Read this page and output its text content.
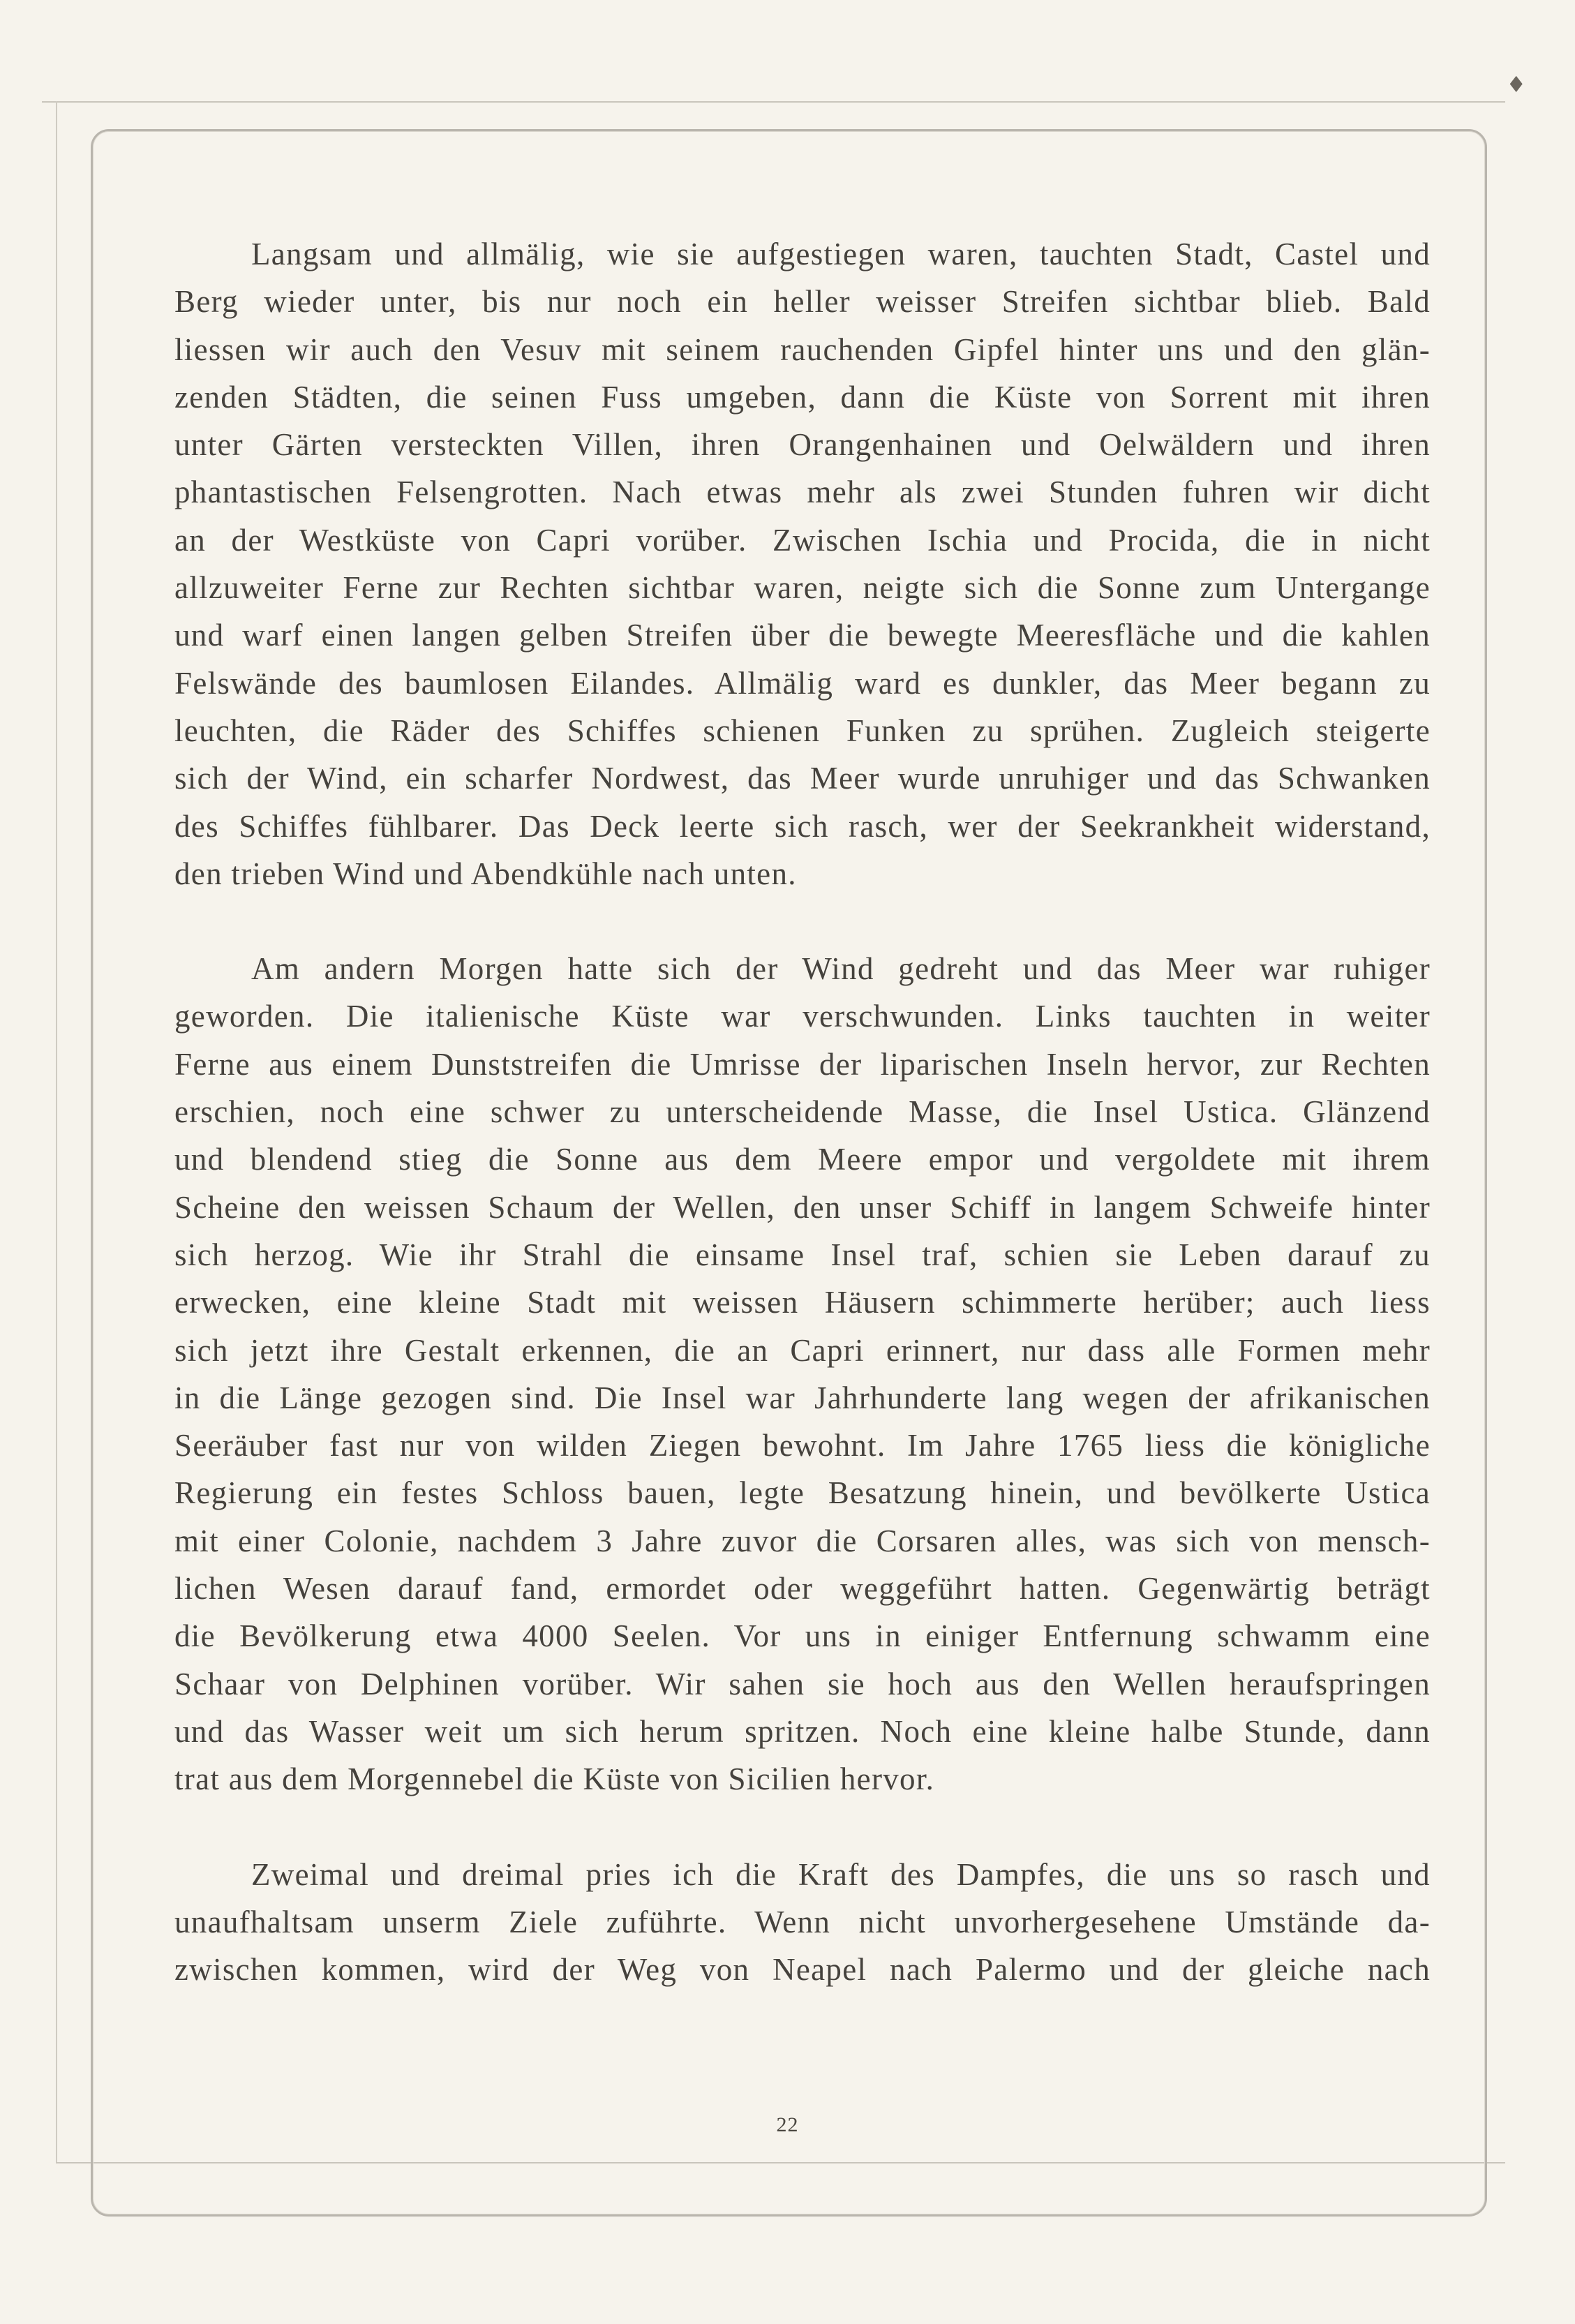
♦
Langsam und allmälig, wie sie aufgestiegen waren, tauchten Stadt, Castel und
Berg wieder unter, bis nur noch ein heller weisser Streifen sichtbar blieb. Bald
liessen wir auch den Vesuv mit seinem rauchenden Gipfel hinter uns und den glän-
zenden Städten, die seinen Fuss umgeben, dann die Küste von Sorrent mit ihren
unter Gärten versteckten Villen, ihren Orangenhainen und Oelwäldern und ihren
phantastischen Felsengrotten. Nach etwas mehr als zwei Stunden fuhren wir dicht
an der Westküste von Capri vorüber. Zwischen Ischia und Procida, die in nicht
allzuweiter Ferne zur Rechten sichtbar waren, neigte sich die Sonne zum Untergange
und warf einen langen gelben Streifen über die bewegte Meeresfläche und die kahlen
Felswände des baumlosen Eilandes. Allmälig ward es dunkler, das Meer begann zu
leuchten, die Räder des Schiffes schienen Funken zu sprühen. Zugleich steigerte
sich der Wind, ein scharfer Nordwest, das Meer wurde unruhiger und das Schwanken
des Schiffes fühlbarer. Das Deck leerte sich rasch, wer der Seekrankheit widerstand,
den trieben Wind und Abendkühle nach unten.
Am andern Morgen hatte sich der Wind gedreht und das Meer war ruhiger
geworden. Die italienische Küste war verschwunden. Links tauchten in weiter
Ferne aus einem Dunststreifen die Umrisse der liparischen Inseln hervor, zur Rechten
erschien, noch eine schwer zu unterscheidende Masse, die Insel Ustica. Glänzend
und blendend stieg die Sonne aus dem Meere empor und vergoldete mit ihrem
Scheine den weissen Schaum der Wellen, den unser Schiff in langem Schweife hinter
sich herzog. Wie ihr Strahl die einsame Insel traf, schien sie Leben darauf zu
erwecken, eine kleine Stadt mit weissen Häusern schimmerte herüber; auch liess
sich jetzt ihre Gestalt erkennen, die an Capri erinnert, nur dass alle Formen mehr
in die Länge gezogen sind. Die Insel war Jahrhunderte lang wegen der afrikanischen
Seeräuber fast nur von wilden Ziegen bewohnt. Im Jahre 1765 liess die königliche
Regierung ein festes Schloss bauen, legte Besatzung hinein, und bevölkerte Ustica
mit einer Colonie, nachdem 3 Jahre zuvor die Corsaren alles, was sich von mensch-
lichen Wesen darauf fand, ermordet oder weggeführt hatten. Gegenwärtig beträgt
die Bevölkerung etwa 4000 Seelen. Vor uns in einiger Entfernung schwamm eine
Schaar von Delphinen vorüber. Wir sahen sie hoch aus den Wellen heraufspringen
und das Wasser weit um sich herum spritzen. Noch eine kleine halbe Stunde, dann
trat aus dem Morgennebel die Küste von Sicilien hervor.
Zweimal und dreimal pries ich die Kraft des Dampfes, die uns so rasch und
unaufhaltsam unserm Ziele zuführte. Wenn nicht unvorhergesehene Umstände da-
zwischen kommen, wird der Weg von Neapel nach Palermo und der gleiche nach
22
